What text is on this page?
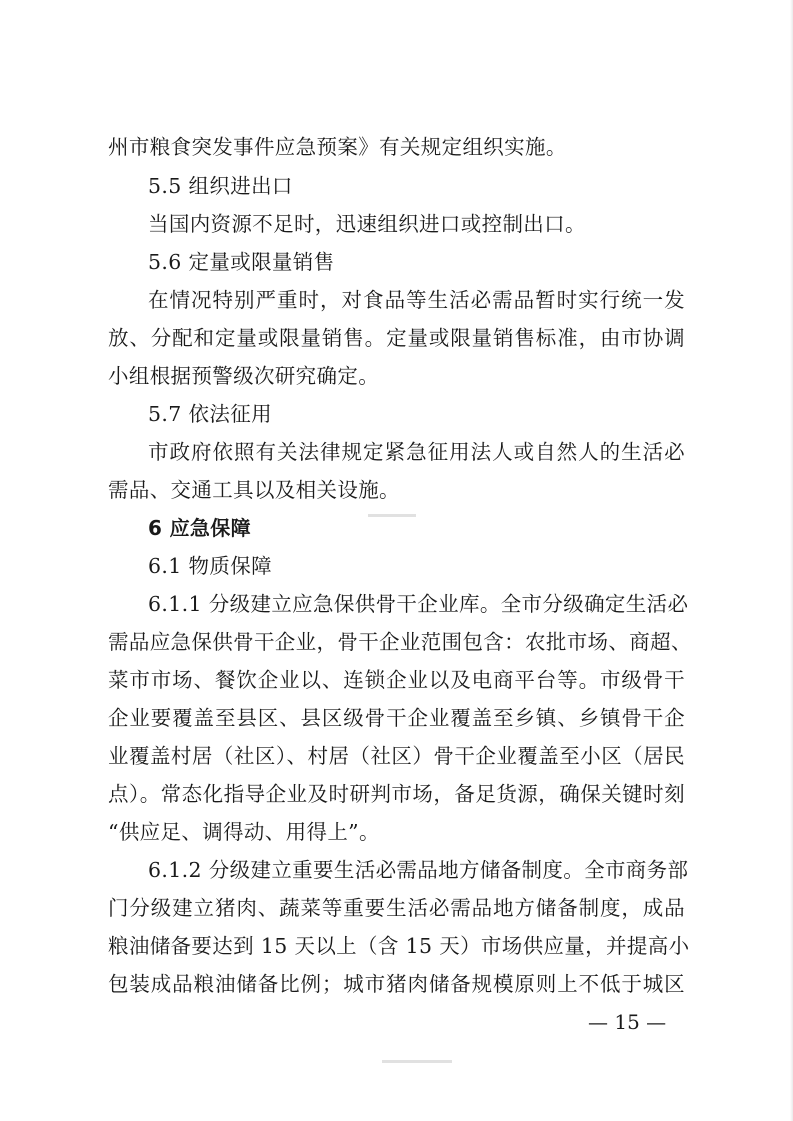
州市粮食突发事件应急预案》有关规定组织实施。
5.5 组织进出口
当国内资源不足时，迅速组织进口或控制出口。
5.6 定量或限量销售
在情况特别严重时，对食品等生活必需品暂时实行统一发
放、分配和定量或限量销售。定量或限量销售标准，由市协调
小组根据预警级次研究确定。
5.7 依法征用
市政府依照有关法律规定紧急征用法人或自然人的生活必
需品、交通工具以及相关设施。
6 应急保障
6.1 物质保障
6.1.1 分级建立应急保供骨干企业库。全市分级确定生活必
需品应急保供骨干企业，骨干企业范围包含：农批市场、商超、
菜市市场、餐饮企业以、连锁企业以及电商平台等。市级骨干
企业要覆盖至县区、县区级骨干企业覆盖至乡镇、乡镇骨干企
业覆盖村居（社区）、村居（社区）骨干企业覆盖至小区（居民
点）。常态化指导企业及时研判市场，备足货源，确保关键时刻
“供应足、调得动、用得上”。
6.1.2 分级建立重要生活必需品地方储备制度。全市商务部
门分级建立猪肉、蔬菜等重要生活必需品地方储备制度，成品
粮油储备要达到 15 天以上（含 15 天）市场供应量，并提高小
包装成品粮油储备比例；城市猪肉储备规模原则上不低于城区
— 15 —
